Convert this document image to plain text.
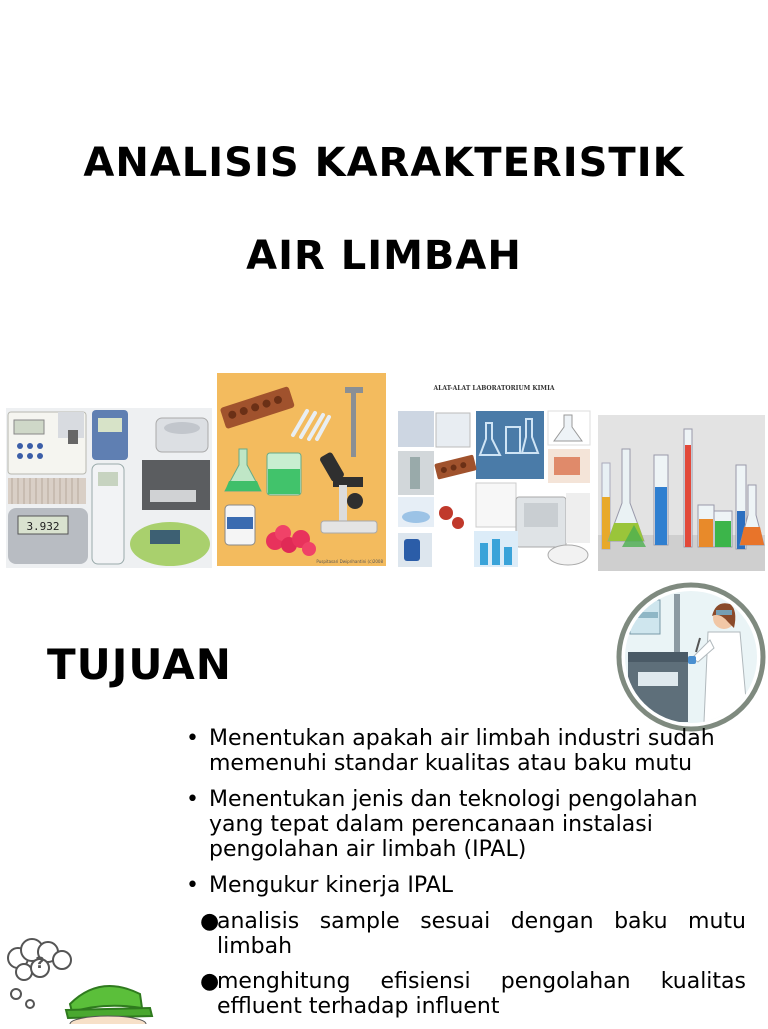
ANALISIS KARAKTERISTIK
AIR LIMBAH
3.932
Puspitasari Dwiprihantini (c)2008
ALAT-ALAT LABORATORIUM KIMIA
TUJUAN
• Menentukan apakah air limbah industri sudah memenuhi standar kualitas atau baku mutu
• Menentukan jenis dan teknologi pengolahan yang tepat dalam perencanaan instalasi pengolahan air limbah (IPAL)
• Mengukur kinerja IPAL
●
analisis sample sesuai dengan baku mutu limbah
●
menghitung efisiensi pengolahan kualitas effluent terhadap influent
?
